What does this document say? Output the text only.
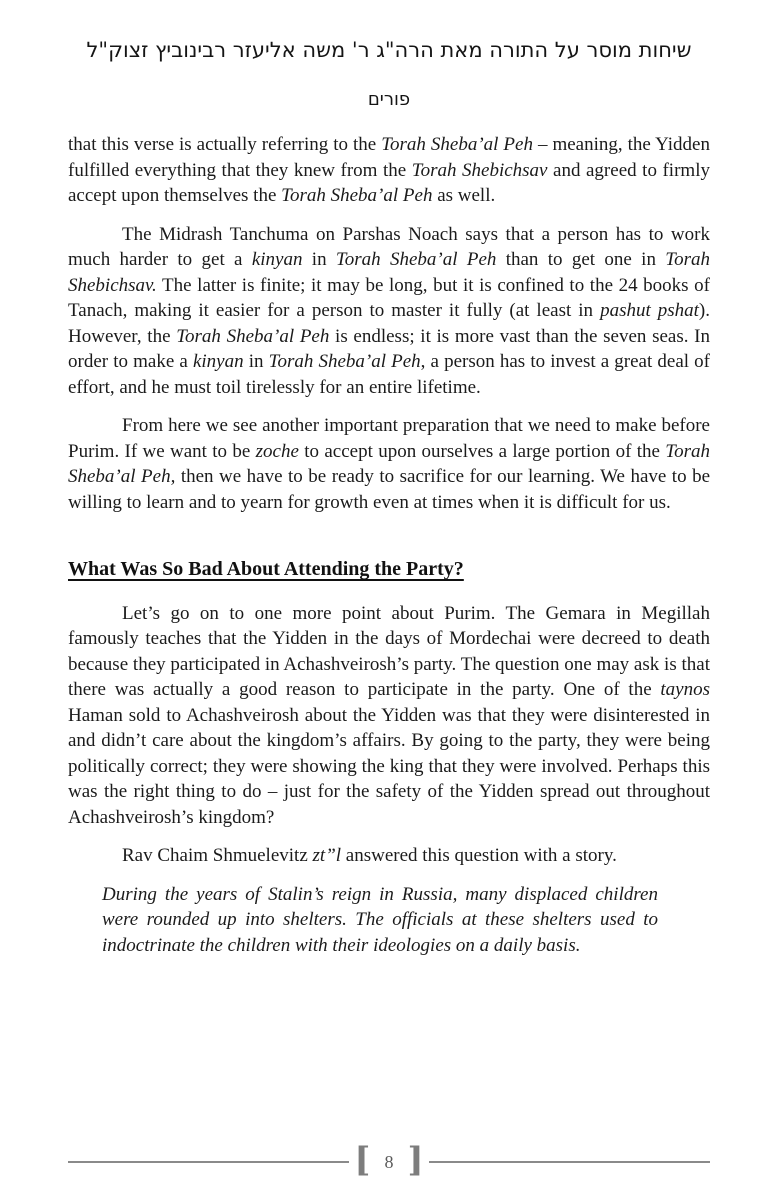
שיחות מוסר על התורה מאת הרה"ג ר' משה אליעזר רבינוביץ זצוק"ל
פורים

that this verse is actually referring to the Torah Sheba’al Peh – meaning, the Yidden fulfilled everything that they knew from the Torah Shebichsav and agreed to firmly accept upon themselves the Torah Sheba’al Peh as well.

The Midrash Tanchuma on Parshas Noach says that a person has to work much harder to get a kinyan in Torah Sheba’al Peh than to get one in Torah Shebichsav. The latter is finite; it may be long, but it is confined to the 24 books of Tanach, making it easier for a person to master it fully (at least in pashut pshat). However, the Torah Sheba’al Peh is endless; it is more vast than the seven seas. In order to make a kinyan in Torah Sheba’al Peh, a person has to invest a great deal of effort, and he must toil tirelessly for an entire lifetime.

From here we see another important preparation that we need to make before Purim. If we want to be zoche to accept upon ourselves a large portion of the Torah Sheba’al Peh, then we have to be ready to sacrifice for our learning. We have to be willing to learn and to yearn for growth even at times when it is difficult for us.

What Was So Bad About Attending the Party?

Let’s go on to one more point about Purim. The Gemara in Megillah famously teaches that the Yidden in the days of Mordechai were decreed to death because they participated in Achashveirosh’s party. The question one may ask is that there was actually a good reason to participate in the party. One of the taynos Haman sold to Achashveirosh about the Yidden was that they were disinterested in and didn’t care about the kingdom’s affairs. By going to the party, they were being politically correct; they were showing the king that they were involved. Perhaps this was the right thing to do – just for the safety of the Yidden spread out throughout Achashveirosh’s kingdom?

Rav Chaim Shmuelevitz zt”l answered this question with a story.

During the years of Stalin’s reign in Russia, many displaced children were rounded up into shelters. The officials at these shelters used to indoctrinate the children with their ideologies on a daily basis.
[ 8 ]
